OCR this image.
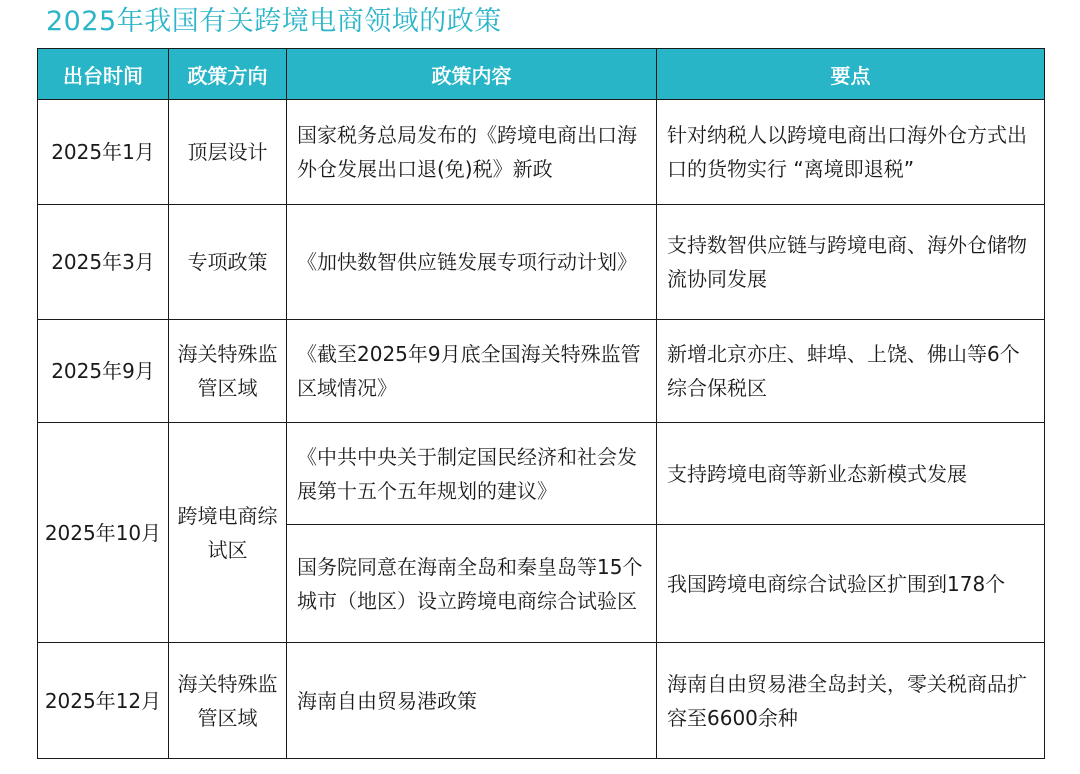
2025年我国有关跨境电商领域的政策
出台时间	政策方向	政策内容	要点
2025年1月	顶层设计	国家税务总局发布的《跨境电商出口海外仓发展出口退(免)税》新政	针对纳税人以跨境电商出口海外仓方式出口的货物实行 “离境即退税”
2025年3月	专项政策	《加快数智供应链发展专项行动计划》	支持数智供应链与跨境电商、海外仓储物流协同发展
2025年9月	海关特殊监管区域	《截至2025年9月底全国海关特殊监管区域情况》	新增北京亦庄、蚌埠、上饶、佛山等6个综合保税区
2025年10月	跨境电商综试区	《中共中央关于制定国民经济和社会发展第十五个五年规划的建议》	支持跨境电商等新业态新模式发展
		国务院同意在海南全岛和秦皇岛等15个城市（地区）设立跨境电商综合试验区	我国跨境电商综合试验区扩围到178个
2025年12月	海关特殊监管区域	海南自由贸易港政策	海南自由贸易港全岛封关，零关税商品扩容至6600余种
